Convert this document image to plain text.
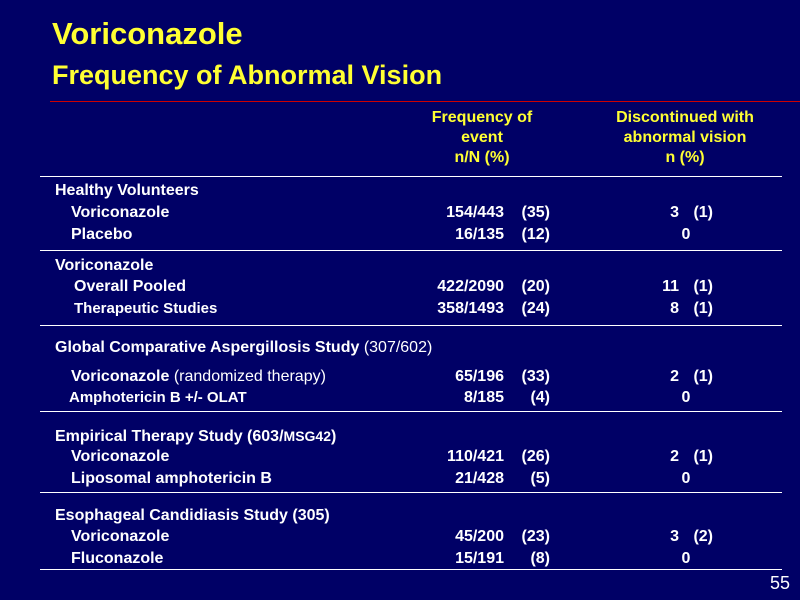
Voriconazole
Frequency of Abnormal Vision
Frequency of
event
n/N (%)
Discontinued with
abnormal vision
n (%)
Healthy Volunteers
Voriconazole	154/443	(35)	3 (1)
Placebo	16/135	(12)	0
Voriconazole
Overall Pooled	422/2090	(20)	11 (1)
Therapeutic Studies	358/1493	(24)	8 (1)
Global Comparative Aspergillosis Study (307/602)
Voriconazole (randomized therapy)	65/196	(33)	2 (1)
Amphotericin B +/- OLAT	8/185	(4)	0
Empirical Therapy Study (603/MSG42)
Voriconazole	110/421	(26)	2 (1)
Liposomal amphotericin B	21/428	(5)	0
Esophageal Candidiasis Study (305)
Voriconazole	45/200	(23)	3 (2)
Fluconazole	15/191	(8)	0
55
